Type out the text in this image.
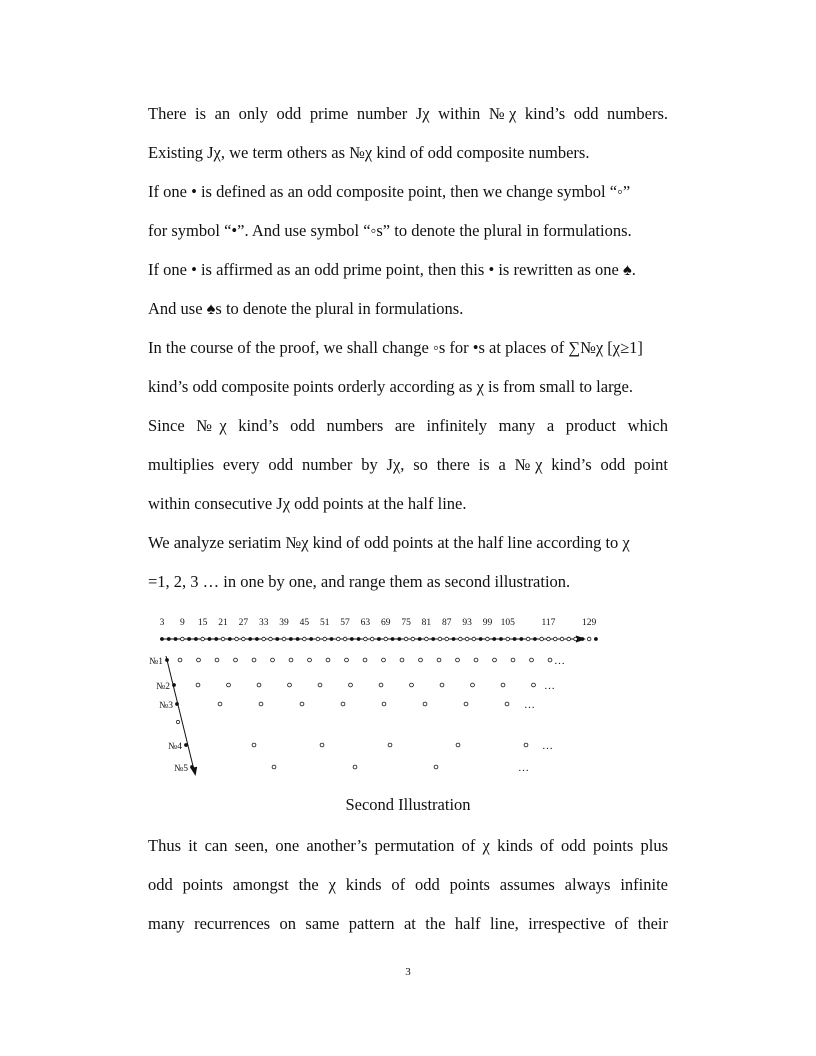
There is an only odd prime number Jχ within №χ kind’s odd numbers.
Existing Jχ, we term others as №χ kind of odd composite numbers.
If one • is defined as an odd composite point, then we change symbol “◦”
for symbol “•”. And use symbol “◦s” to denote the plural in formulations.
If one • is affirmed as an odd prime point, then this • is rewritten as one ♠.
And use ♠s to denote the plural in formulations.
In the course of the proof, we shall change ◦s for •s at places of ∑№χ [χ≥1]
kind’s odd composite points orderly according as χ is from small to large.
Since №χ kind’s odd numbers are infinitely many a product which
multiplies every odd number by Jχ, so there is a №χ kind’s odd point
within consecutive Jχ odd points at the half line.
We analyze seriatim №χ kind of odd points at the half line according to χ
=1, 2, 3 … in one by one, and range them as second illustration.
3 9 15 21 27 33 39 45 51 57 63 69 75 81 87 93 99 105	117	129
№1	…
№2	…
№3	…
№4	…
№5	…
Second Illustration
Thus it can seen, one another’s permutation of χ kinds of odd points plus
odd points amongst the χ kinds of odd points assumes always infinite
many recurrences on same pattern at the half line, irrespective of their
3
